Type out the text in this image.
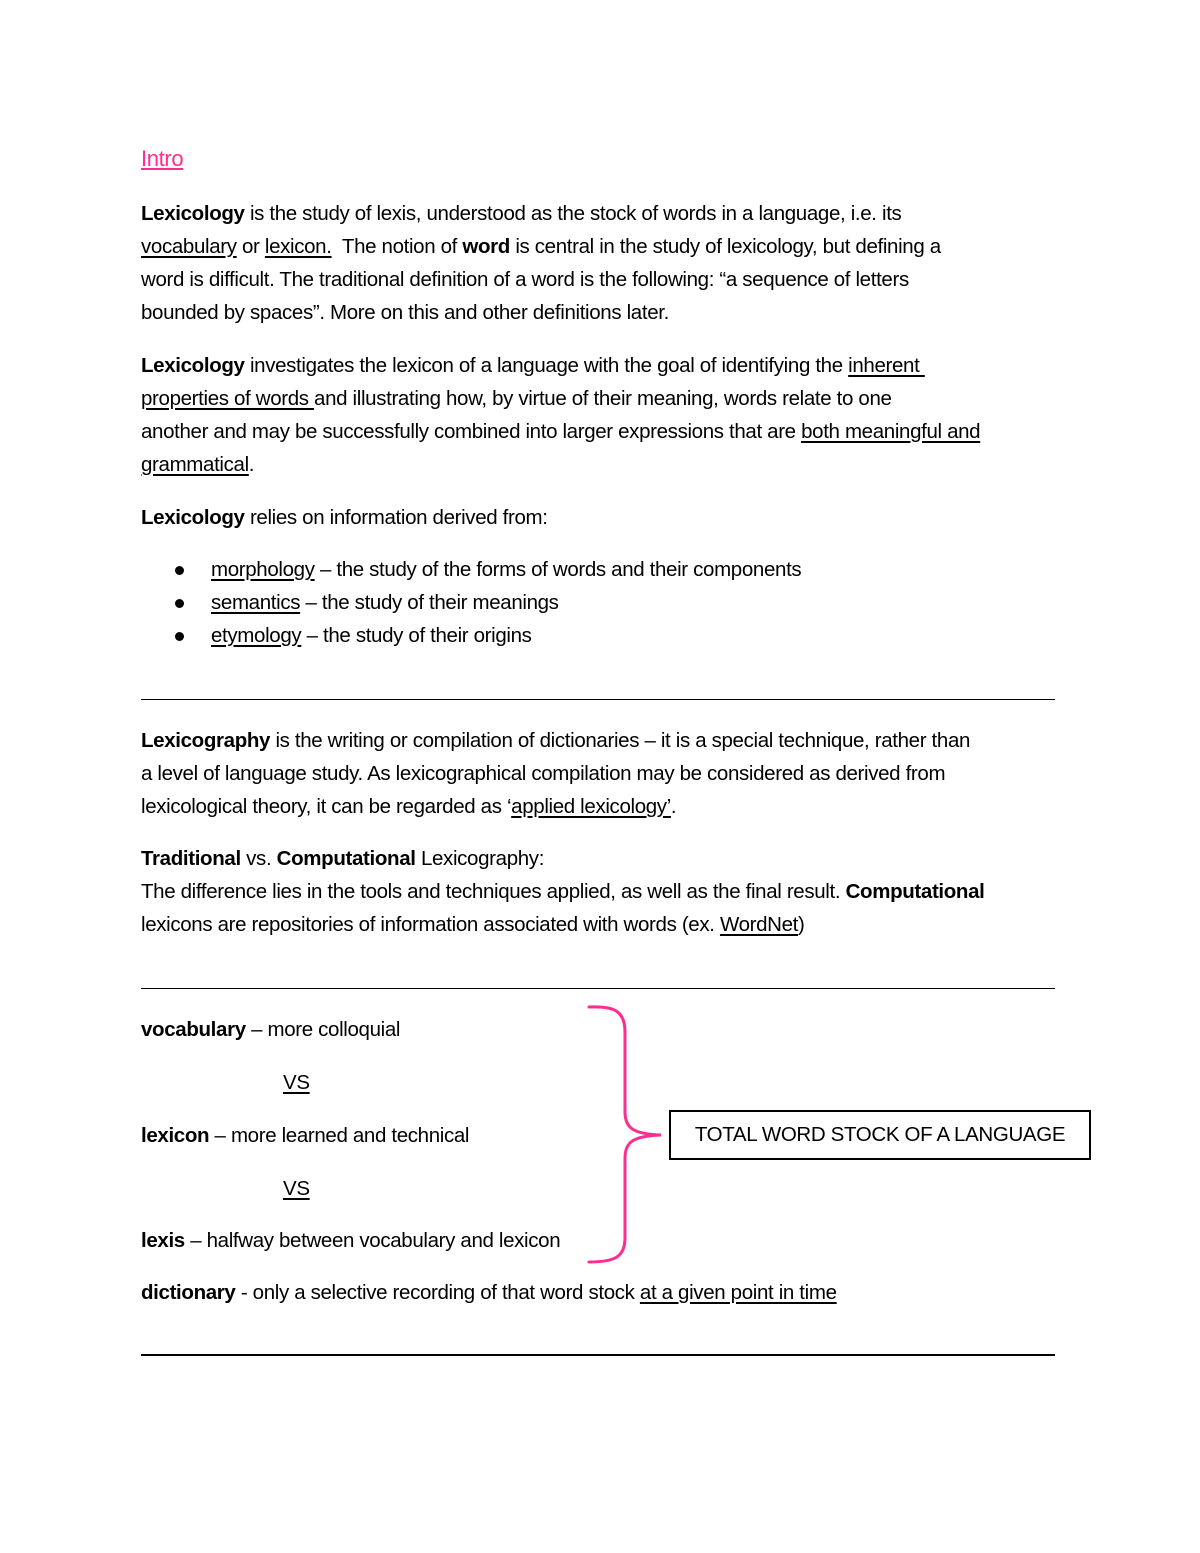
Intro
Lexicology is the study of lexis, understood as the stock of words in a language, i.e. its
vocabulary or lexicon.  The notion of word is central in the study of lexicology, but defining a
word is difficult. The traditional definition of a word is the following: “a sequence of letters
bounded by spaces”. More on this and other definitions later.
Lexicology investigates the lexicon of a language with the goal of identifying the inherent
properties of words and illustrating how, by virtue of their meaning, words relate to one
another and may be successfully combined into larger expressions that are both meaningful and
grammatical.
Lexicology relies on information derived from:
morphology – the study of the forms of words and their components
semantics – the study of their meanings
etymology – the study of their origins
Lexicography is the writing or compilation of dictionaries – it is a special technique, rather than
a level of language study. As lexicographical compilation may be considered as derived from
lexicological theory, it can be regarded as ‘applied lexicology’.
Traditional vs. Computational Lexicography:
The difference lies in the tools and techniques applied, as well as the final result. Computational
lexicons are repositories of information associated with words (ex. WordNet)
vocabulary – more colloquial
VS
lexicon – more learned and technical
VS
lexis – halfway between vocabulary and lexicon
TOTAL WORD STOCK OF A LANGUAGE
dictionary - only a selective recording of that word stock at a given point in time
